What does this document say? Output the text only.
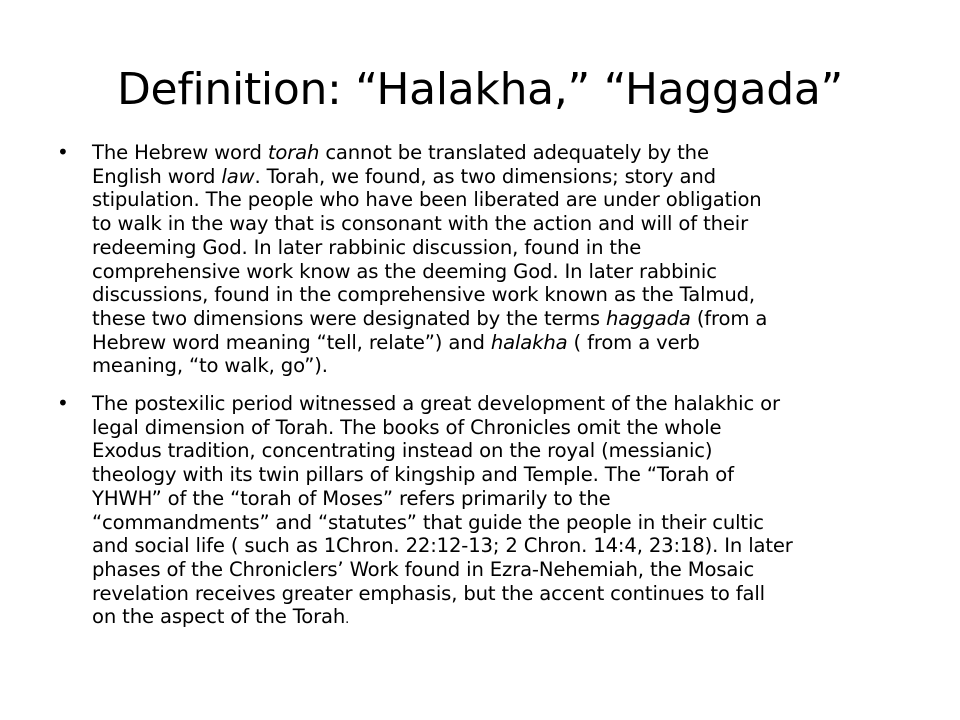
Definition: “Halakha,” “Haggada”
• The Hebrew word torah cannot be translated adequately by the
English word law. Torah, we found, as two dimensions; story and
stipulation. The people who have been liberated are under obligation
to walk in the way that is consonant with the action and will of their
redeeming God. In later rabbinic discussion, found in the
comprehensive work know as the deeming God. In later rabbinic
discussions, found in the comprehensive work known as the Talmud,
these two dimensions were designated by the terms haggada (from a
Hebrew word meaning “tell, relate”) and halakha ( from a verb
meaning, “to walk, go”).
• The postexilic period witnessed a great development of the halakhic or
legal dimension of Torah. The books of Chronicles omit the whole
Exodus tradition, concentrating instead on the royal (messianic)
theology with its twin pillars of kingship and Temple. The “Torah of
YHWH” of the “torah of Moses” refers primarily to the
“commandments” and “statutes” that guide the people in their cultic
and social life ( such as 1Chron. 22:12-13; 2 Chron. 14:4, 23:18). In later
phases of the Chroniclers’ Work found in Ezra-Nehemiah, the Mosaic
revelation receives greater emphasis, but the accent continues to fall
on the aspect of the Torah.
